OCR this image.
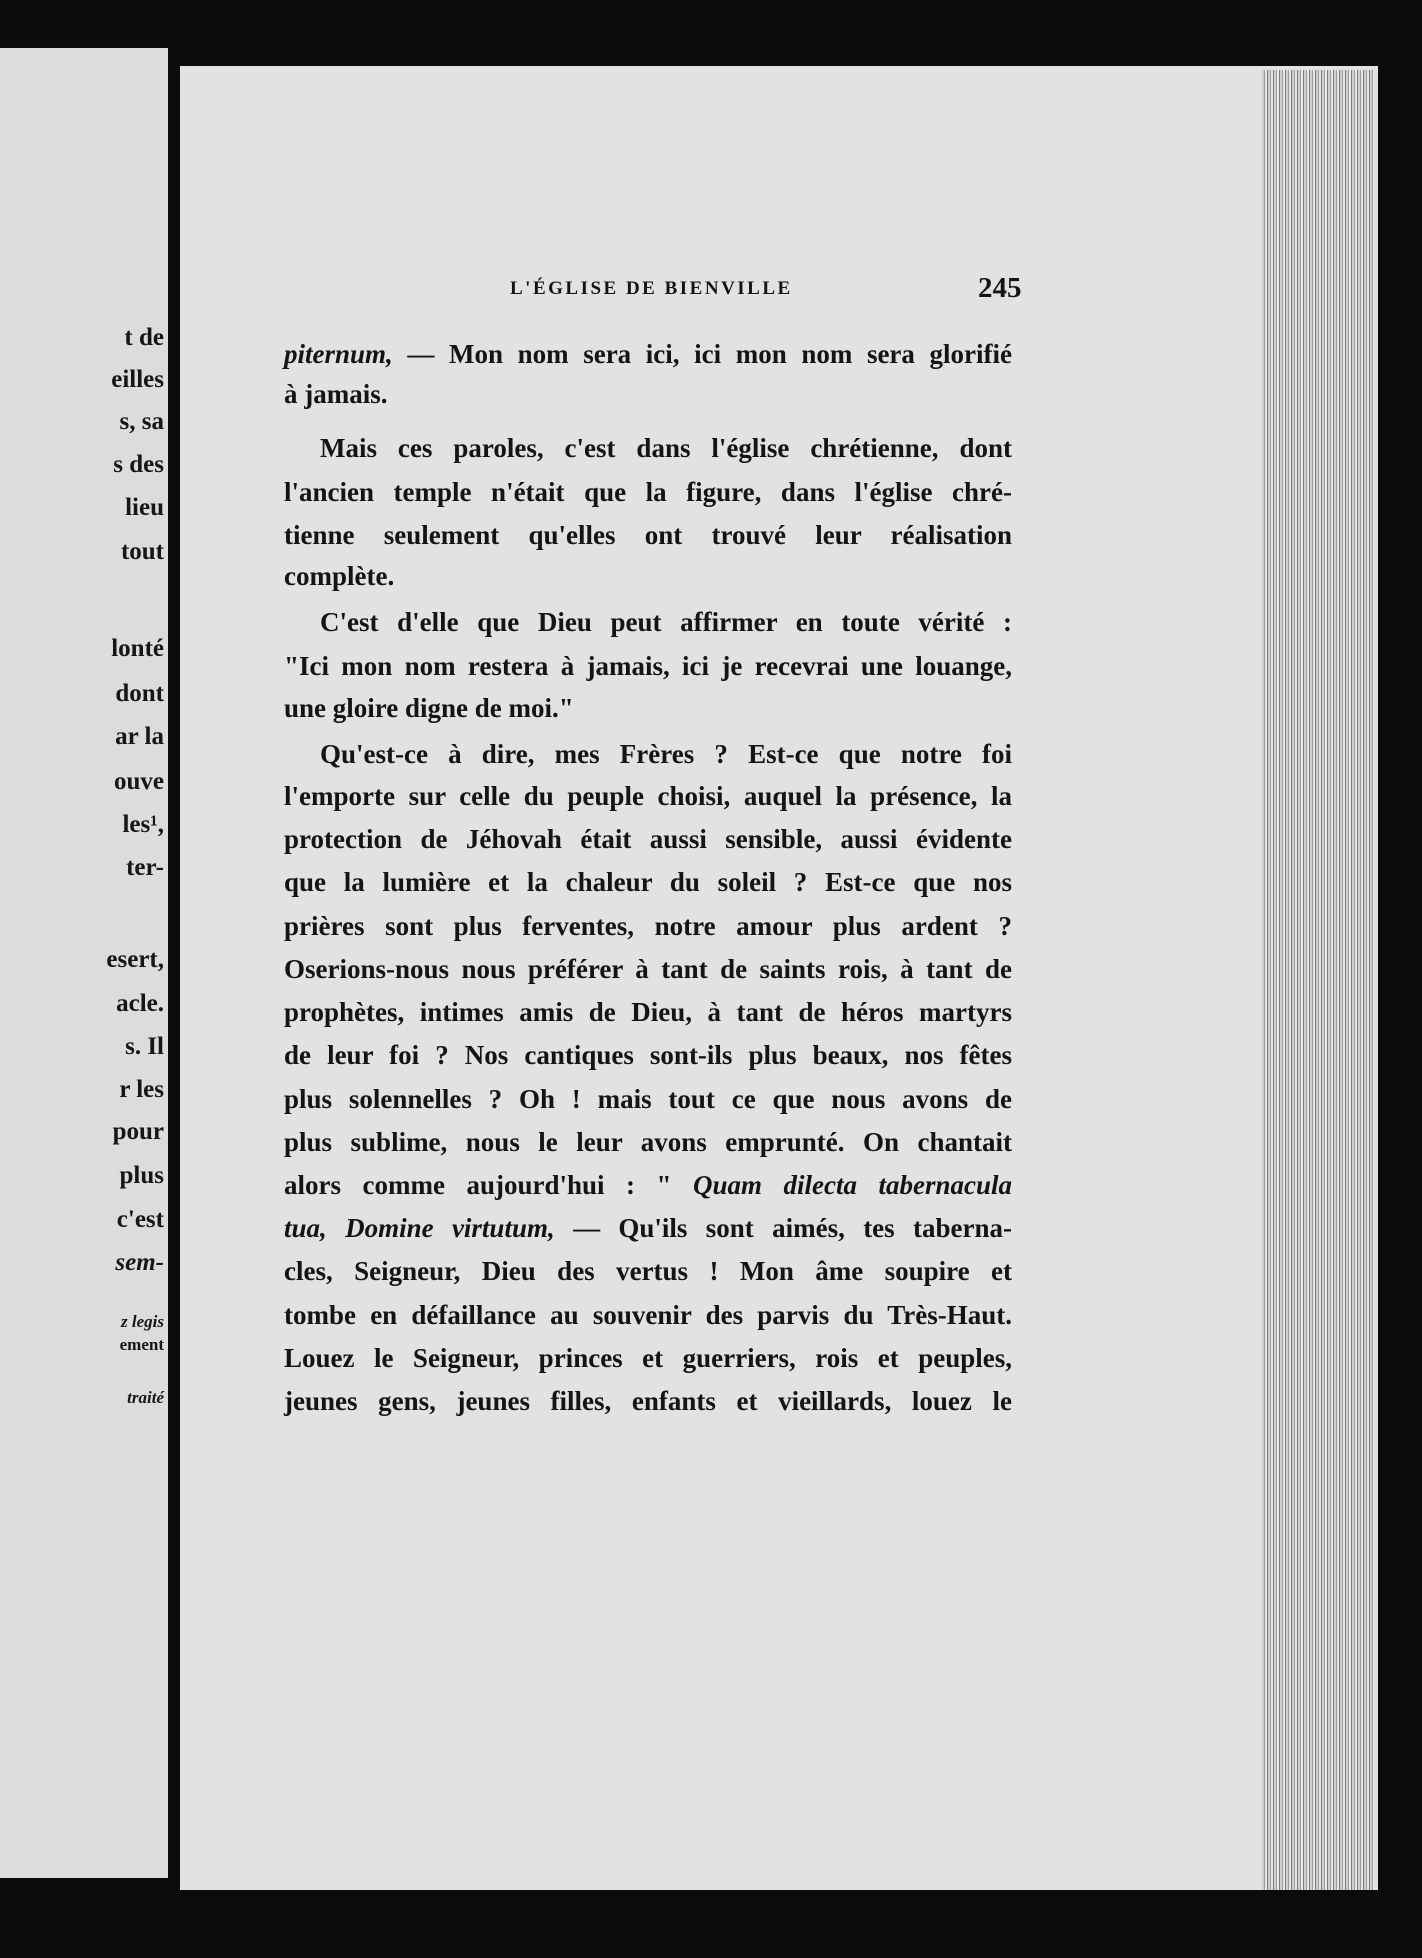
t de
eilles
s, sa
s des
lieu
tout
lonté
dont
ar la
ouve
les¹,
ter-
esert,
acle.
s. Il
r les
pour
plus
c'est
sem-
z legis
ement
traité
L'ÉGLISE DE BIENVILLE	245
piternum, — Mon nom sera ici, ici mon nom sera glorifié
à jamais.
Mais ces paroles, c'est dans l'église chrétienne, dont
l'ancien temple n'était que la figure, dans l'église chré-
tienne seulement qu'elles ont trouvé leur réalisation
complète.
C'est d'elle que Dieu peut affirmer en toute vérité :
"Ici mon nom restera à jamais, ici je recevrai une louange,
une gloire digne de moi."
Qu'est-ce à dire, mes Frères ? Est-ce que notre foi
l'emporte sur celle du peuple choisi, auquel la présence, la
protection de Jéhovah était aussi sensible, aussi évidente
que la lumière et la chaleur du soleil ? Est-ce que nos
prières sont plus ferventes, notre amour plus ardent ?
Oserions-nous nous préférer à tant de saints rois, à tant de
prophètes, intimes amis de Dieu, à tant de héros martyrs
de leur foi ? Nos cantiques sont-ils plus beaux, nos fêtes
plus solennelles ? Oh ! mais tout ce que nous avons de
plus sublime, nous le leur avons emprunté. On chantait
alors comme aujourd'hui : " Quam dilecta tabernacula
tua, Domine virtutum, — Qu'ils sont aimés, tes taberna-
cles, Seigneur, Dieu des vertus ! Mon âme soupire et
tombe en défaillance au souvenir des parvis du Très-Haut.
Louez le Seigneur, princes et guerriers, rois et peuples,
jeunes gens, jeunes filles, enfants et vieillards, louez le
